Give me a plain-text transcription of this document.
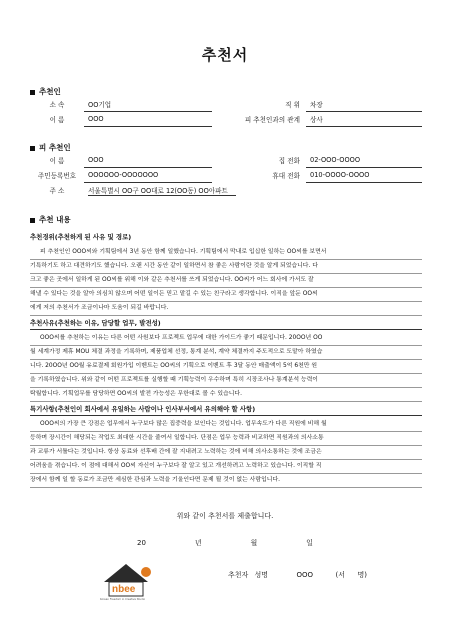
추천서
추천인
소 속	OO기업	직 위	차장
이 름	OOO	피 추천인과의 관계	상사
피 추천인
이 름	OOO	집 전화	02-OOO-OOOO
주민등록번호	OOOOOO-OOOOOOO	휴대 전화	010-OOOO-OOOO
주 소	서울특별시 OO구 OO대로 12(OO동) OO아파트		
추천 내용
추천경위(추천하게 된 사유 및 경로)
피 추천인인 OOO씨와 기획팀에서 3년 동안 함께 일했습니다. 기획팀에서 막내로 입십한 일하는 OO씨를 보면서
기특하기도 하고 대견하기도 했습니다. 오랜 시간 동안 같이 일하면서 참 좋은 사람이란 것을 알게 되었습니다. 다
크고 좋은 곳에서 일하게 된 OO씨를 위해 이와 같은 추천서를 쓰게 되었습니다. OO씨가 어느 회사에 가서도 잘
해낼 수 있다는 것을 알아 의심치 않으며 어떤 일이든 믿고 맡길 수 있는 친구라고 생각합니다. 이직을 앞둔 OO씨
에게 저의 추천서가 조금이나마 도움이 되길 바랍니다.
추천사유(추천하는 이유, 담당할 업무, 발전성)
OOO씨를 추천하는 이유는 다른 어떤 사원보다 프로젝트 업무에 대한 가이드가 좋기 때문입니다. 20OO년 OO
월 세계가정 제휴 MOU 체결 과정을 기록하며, 제품업체 선정, 통계 분석, 계약 체결까지 주도적으로 도맡아 하였습
니다. 20OO년 OO월 유료결제 회원가입 이벤트는 OO씨의 기획으로 이벤트 후 3달 동안 매출액이 5억 6천만 원
을 기록하였습니다. 위와 같이 어떤 프로젝트를 실행할 때 기획능력이 우수하며 특히 시장조사나 통계분석 능력이
탁월합니다. 기획업무를 담당하면 OO씨의 발전 가능성은 무한대로 볼 수 있습니다.
특기사항(추천인이 회사에서 유일하는 사람이나 인사부서에서 유의해야 할 사항)
OOO씨의 가장 큰 강점은 업무에서 누구보다 많은 집중력을 보인다는 것입니다. 업무속도가 다른 직원에 비해 월
등하며 장시간이 해당되는 작업도 최대한 시간을 줄여서 일합니다. 단점은 업무 능력과 비교하면 직원과의 의사소통
과 교류가 서툴다는 것입니다. 항상 동료와 선후배 간에 잘 지내려고 노력하는 것에 비해 의사소통하는 것에 조금은
어려움을 겪습니다. 이 점에 대해서 OO씨 자신이 누구보다 잘 알고 있고 개선하려고 노력하고 있습니다. 이직할 직
장에서 함께 일 할 동료가 조금만 세심한 관심과 노력을 기울인다면 문제 될 것이 없는 사람입니다.
위와 같이 추천서를 제출합니다.
20    년    월    일
추천자 성명	OOO	(서  명)
nbee
Korean Freedom in Creative Studio
